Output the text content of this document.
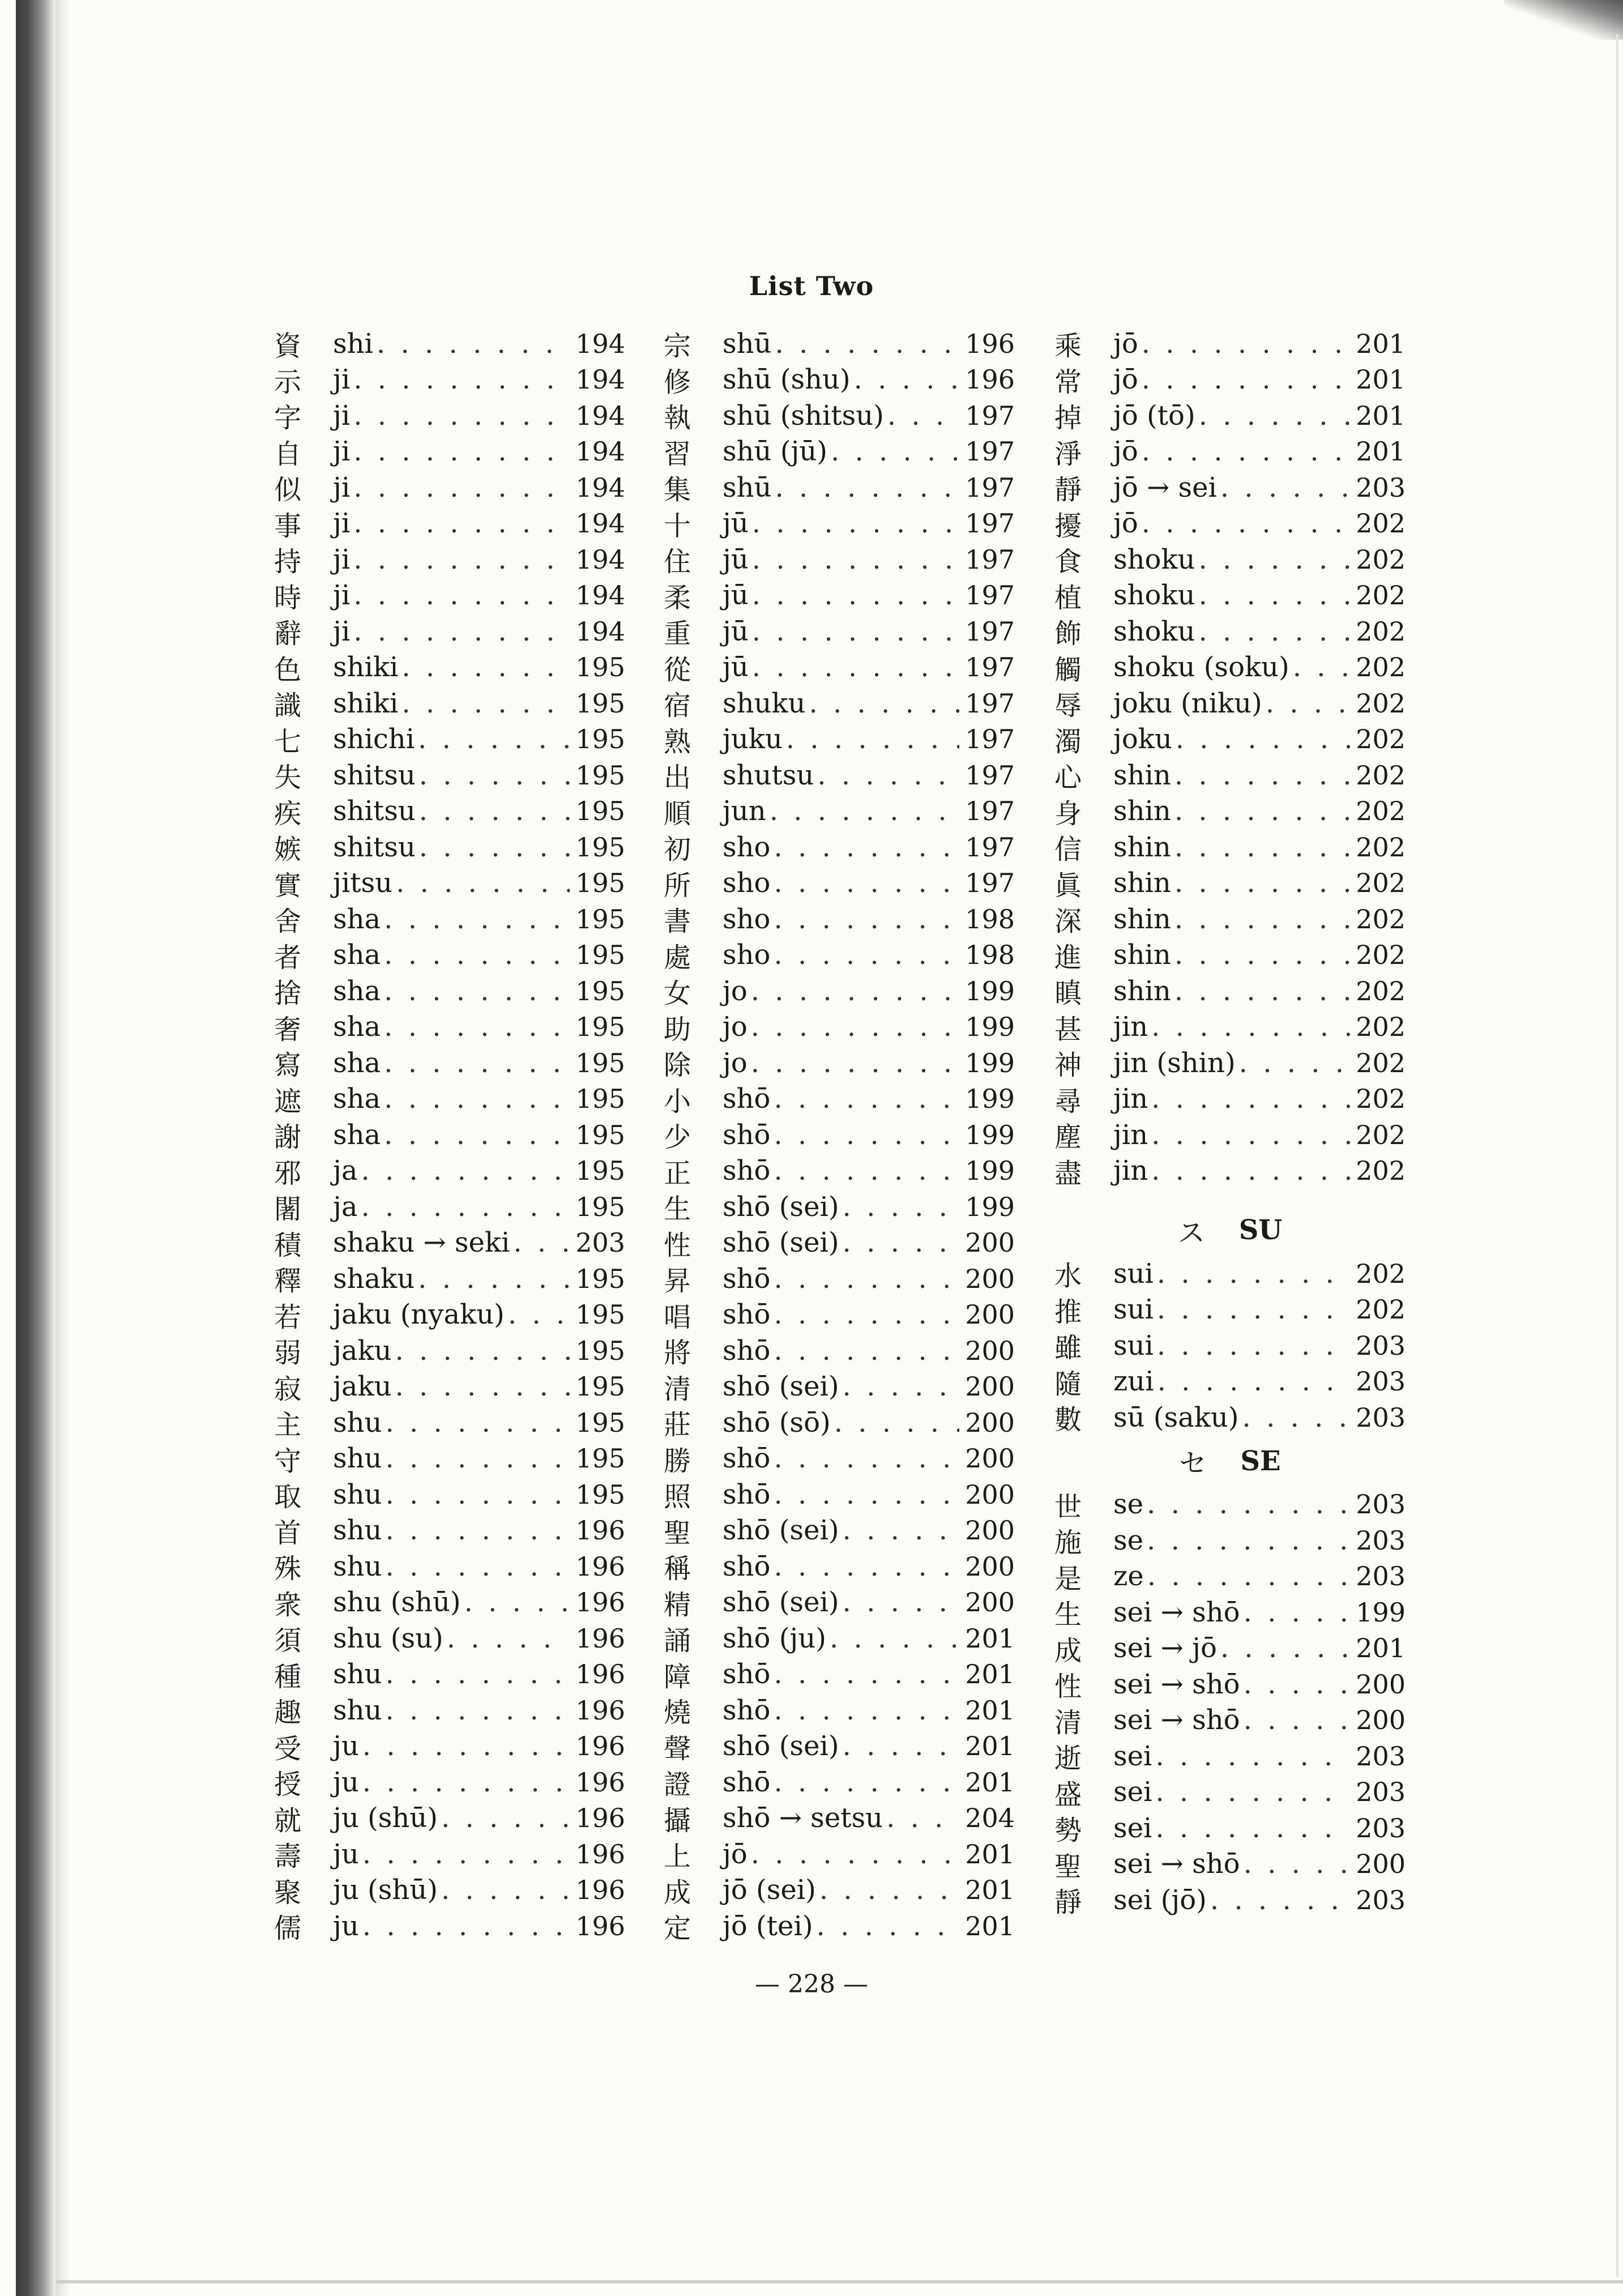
List Two
資	shi . . .	194
示	ji . . .	194
字	ji . . .	194
自	ji . . .	194
似	ji . . .	194
事	ji . . .	194
持	ji . . .	194
時	ji . . .	194
辭	ji . . .	194
色	shiki . . .	195
識	shiki . . .	195
七	shichi . . .	195
失	shitsu . . .	195
疾	shitsu . . .	195
嫉	shitsu . . .	195
實	jitsu . . .	195
舍	sha . . .	195
者	sha . . .	195
捨	sha . . .	195
奢	sha . . .	195
寫	sha . . .	195
遮	sha . . .	195
謝	sha . . .	195
邪	ja . . .	195
闍	ja . . .	195
積	shaku → seki . . .	203
釋	shaku . . .	195
若	jaku (nyaku) . . .	195
弱	jaku . . .	195
寂	jaku . . .	195
主	shu . . .	195
守	shu . . .	195
取	shu . . .	195
首	shu . . .	196
殊	shu . . .	196
衆	shu (shū) . . .	196
須	shu (su) . . .	196
種	shu . . .	196
趣	shu . . .	196
受	ju . . .	196
授	ju . . .	196
就	ju (shū) . . .	196
壽	ju . . .	196
聚	ju (shū) . . .	196
儒	ju . . .	196
宗	shū . . .	196
修	shū (shu) . . .	196
執	shū (shitsu) . . .	197
習	shū (jū) . . .	197
集	shū . . .	197
十	jū . . .	197
住	jū . . .	197
柔	jū . . .	197
重	jū . . .	197
從	jū . . .	197
宿	shuku . . .	197
熟	juku . . .	197
出	shutsu . . .	197
順	jun . . .	197
初	sho . . .	197
所	sho . . .	197
書	sho . . .	198
處	sho . . .	198
女	jo . . .	199
助	jo . . .	199
除	jo . . .	199
小	shō . . .	199
少	shō . . .	199
正	shō . . .	199
生	shō (sei) . . .	199
性	shō (sei) . . .	200
昇	shō . . .	200
唱	shō . . .	200
將	shō . . .	200
清	shō (sei) . . .	200
莊	shō (sō) . . .	200
勝	shō . . .	200
照	shō . . .	200
聖	shō (sei) . . .	200
稱	shō . . .	200
精	shō (sei) . . .	200
誦	shō (ju) . . .	201
障	shō . . .	201
燒	shō . . .	201
聲	shō (sei) . . .	201
證	shō . . .	201
攝	shō → setsu . . .	204
上	jō . . .	201
成	jō (sei) . . .	201
定	jō (tei) . . .	201
乘	jō . . .	201
常	jō . . .	201
掉	jō (tō) . . .	201
淨	jō . . .	201
靜	jō → sei . . .	203
擾	jō . . .	202
食	shoku . . .	202
植	shoku . . .	202
飾	shoku . . .	202
觸	shoku (soku) . . .	202
辱	joku (niku) . . .	202
濁	joku . . .	202
心	shin . . .	202
身	shin . . .	202
信	shin . . .	202
眞	shin . . .	202
深	shin . . .	202
進	shin . . .	202
瞋	shin . . .	202
甚	jin . . .	202
神	jin (shin) . . .	202
尋	jin . . .	202
塵	jin . . .	202
盡	jin . . .	202
ス SU
水	sui . . .	202
推	sui . . .	202
雖	sui . . .	203
隨	zui . . .	203
數	sū (saku) . . .	203
セ SE
世	se . . .	203
施	se . . .	203
是	ze . . .	203
生	sei → shō . . .	199
成	sei → jō . . .	201
性	sei → shō . . .	200
清	sei → shō . . .	200
逝	sei . . .	203
盛	sei . . .	203
勢	sei . . .	203
聖	sei → shō . . .	200
靜	sei (jō) . . .	203
— 228 —
